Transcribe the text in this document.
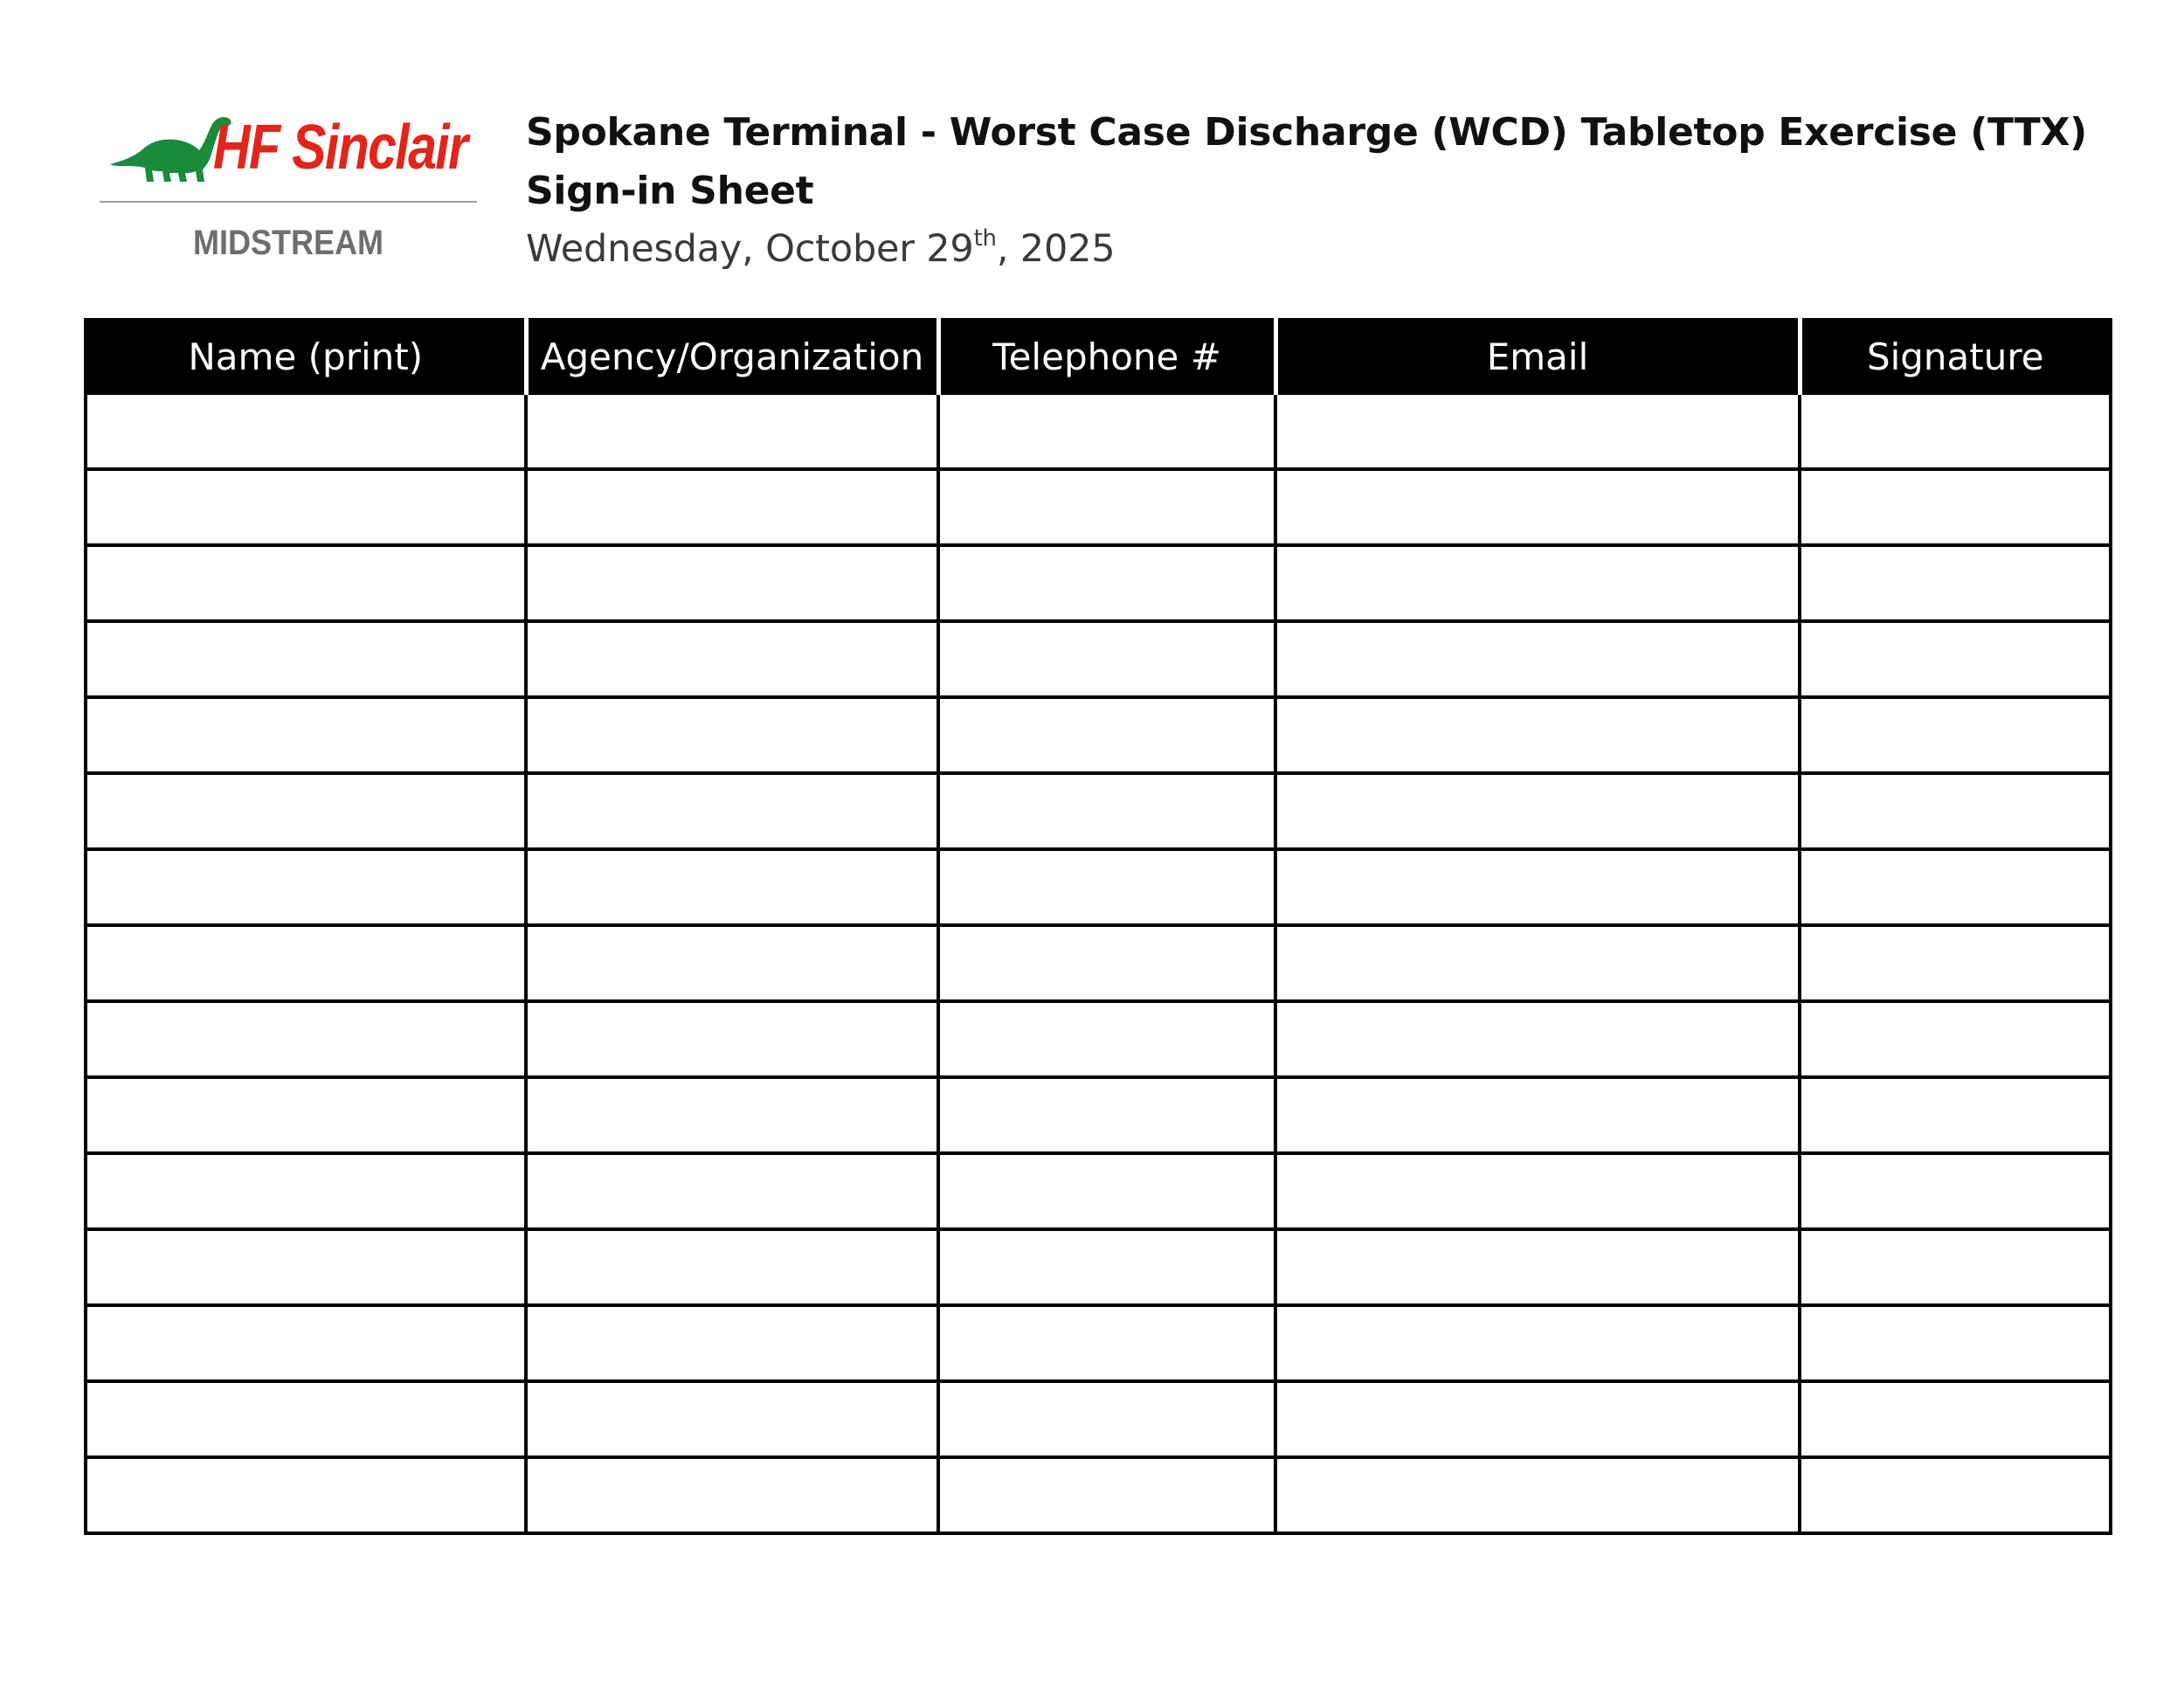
HF Sinclair
MIDSTREAM

Spokane Terminal - Worst Case Discharge (WCD) Tabletop Exercise (TTX)

Sign-in Sheet

Wednesday, October 29th, 2025

Name (print)	Agency/Organization	Telephone #	Email	Signature
